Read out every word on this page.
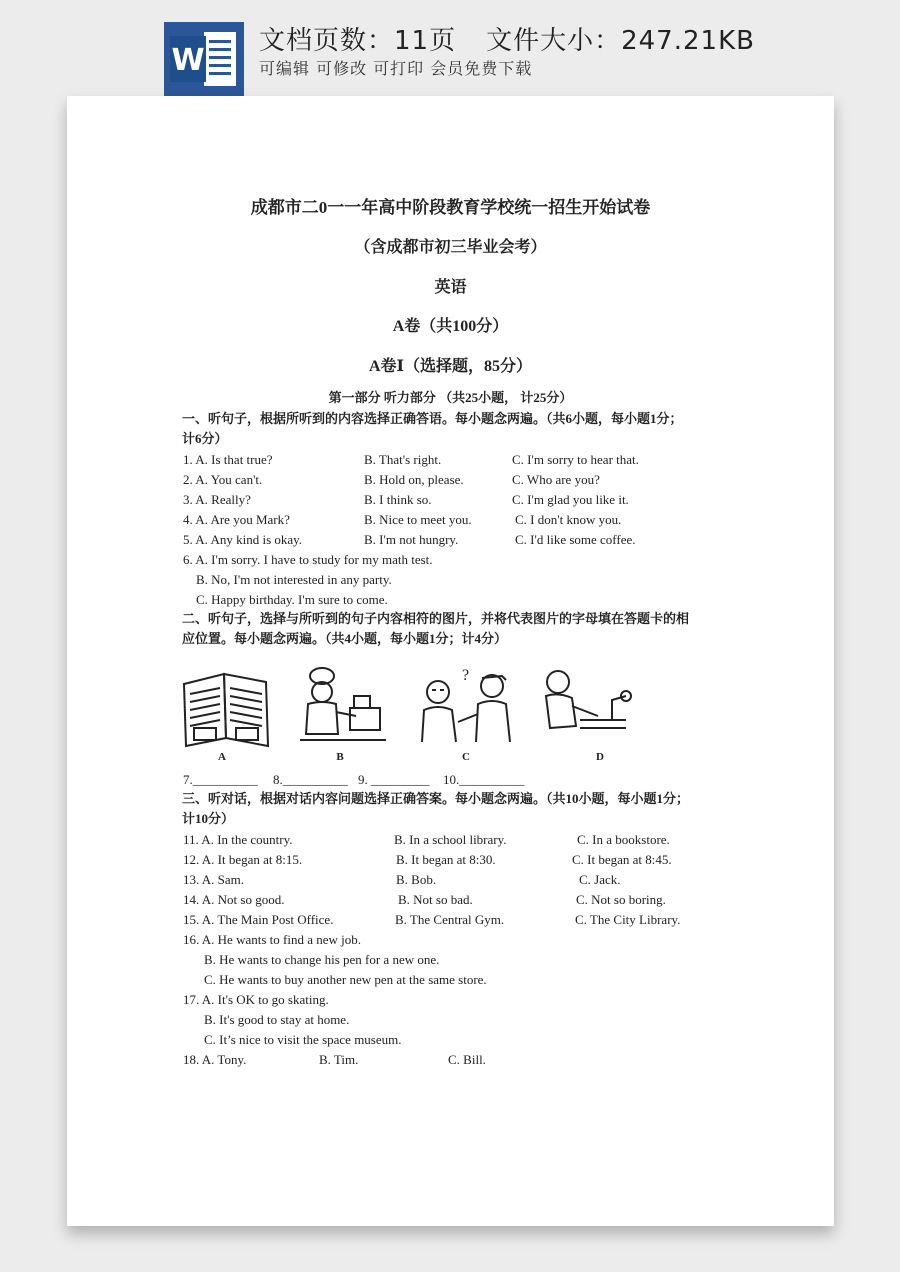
W
文档页数：11页 文件大小：247.21KB
可编辑 可修改 可打印 会员免费下载
成都市二0一一年高中阶段教育学校统一招生开始试卷
（含成都市初三毕业会考）
英语
A卷（共100分）
A卷Ⅰ（选择题，85分）
第一部分 听力部分 （共25小题， 计25分）
一、听句子，根据所听到的内容选择正确答语。每小题念两遍。（共6小题，每小题1分；
计6分）
1. A. Is that true?	B. That's right.	C. I'm sorry to hear that.
2. A. You can't.	B. Hold on, please.	C. Who are you?
3. A. Really?	B. I think so.	C. I'm glad you like it.
4. A. Are you Mark?	B. Nice to meet you.	C. I don't know you.
5. A. Any kind is okay.	B. I'm not hungry.	C. I'd like some coffee.
6. A. I'm sorry. I have to study for my math test.
B. No, I'm not interested in any party.
C. Happy birthday. I'm sure to come.
二、听句子，选择与所听到的句子内容相符的图片，并将代表图片的字母填在答题卡的相
应位置。每小题念两遍。（共4小题，每小题1分；计4分）
?
A	B	C	D
7.__________ 8.__________ 9. _________ 10.__________
三、听对话，根据对话内容问题选择正确答案。每小题念两遍。（共10小题，每小题1分；
计10分）
11. A. In the country.	B. In a school library.	C. In a bookstore.
12. A. It began at 8:15.	B. It began at 8:30.	C. It began at 8:45.
13. A. Sam.	B. Bob.	C. Jack.
14. A. Not so good.	B. Not so bad.	C. Not so boring.
15. A. The Main Post Office.	B. The Central Gym.	C. The City Library.
16. A. He wants to find a new job.
B. He wants to change his pen for a new one.
C. He wants to buy another new pen at the same store.
17. A. It's OK to go skating.
B. It's good to stay at home.
C. It’s nice to visit the space museum.
18. A. Tony.	B. Tim.	C. Bill.
